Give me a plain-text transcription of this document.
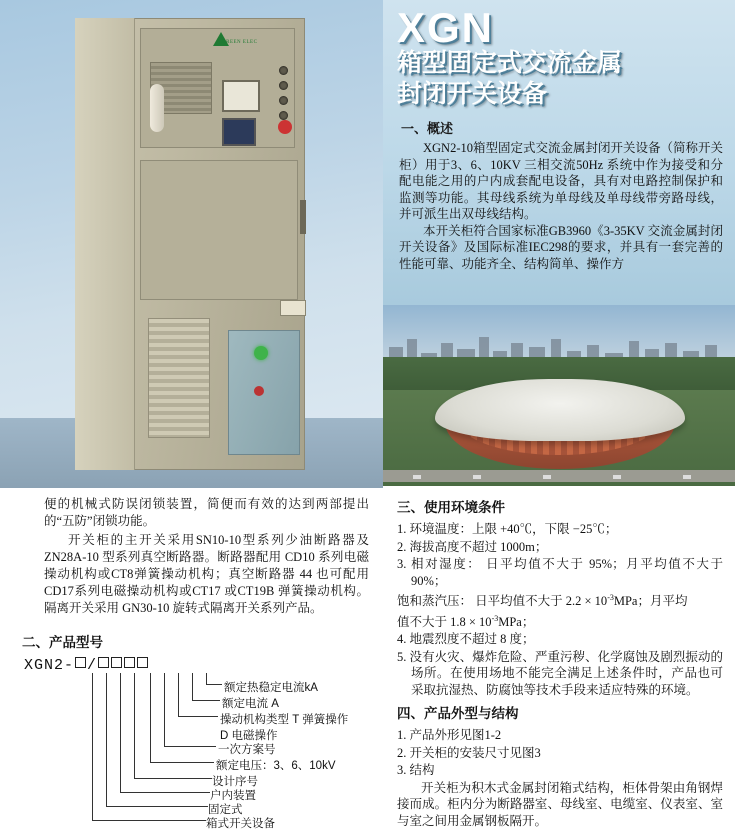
GREEN ELEC

便的机械式防误闭锁装置，简便而有效的达到两部提出的“五防”闭锁功能。

开关柜的主开关采用SN10-10型系列少油断路器及ZN28A-10 型系列真空断路器。断路器配用 CD10 系列电磁操动机构或CT8弹簧操动机构；真空断路器 44 也可配用 CD17系列电磁操动机构或CT17 或CT19B 弹簧操动机构。隔离开关采用 GN30-10 旋转式隔离开关系列产品。

二、产品型号
XGN2- /
额定热稳定电流kA
额定电流 A
操动机构类型 T 弹簧操作
D 电磁操作
一次方案号
额定电压：3、6、10kV
设计序号
户内装置
固定式
箱式开关设备
XGN
箱型固定式交流金属
封闭开关设备
一、概述

XGN2-10箱型固定式交流金属封闭开关设备（简称开关柜）用于3、6、10KV 三相交流50Hz 系统中作为接受和分配电能之用的户内成套配电设备，具有对电路控制保护和监测等功能。其母线系统为单母线及单母线带旁路母线，并可派生出双母线结构。

本开关柜符合国家标准GB3960《3-35KV 交流金属封闭开关设备》及国际标准IEC298的要求，并具有一套完善的性能可靠、功能齐全、结构简单、操作方

三、使用环境条件

1. 环境温度：上限 +40℃，下限 −25℃；

2. 海拔高度不超过 1000m；

3. 相对湿度： 日平均值不大于 95%；月平均值不大于 90%；

饱和蒸汽压： 日平均值不大于 $2.2 \times 10^{-3}MPa$；月平均

值不大于 $1.8 \times 10^{-3}MPa$；

4. 地震烈度不超过 8 度；

5. 没有火灾、爆炸危险、严重污秽、化学腐蚀及剧烈振动的场所。在使用场地不能完全满足上述条件时，产品也可采取抗湿热、防腐蚀等技术手段来适应特殊的环境。

四、产品外型与结构

1. 产品外形见图1-2

2. 开关柜的安装尺寸见图3

3. 结构

开关柜为积木式金属封闭箱式结构，柜体骨架由角钢焊接而成。柜内分为断路器室、母线室、电缆室、仪表室、室与室之间用金属钢板隔开。
